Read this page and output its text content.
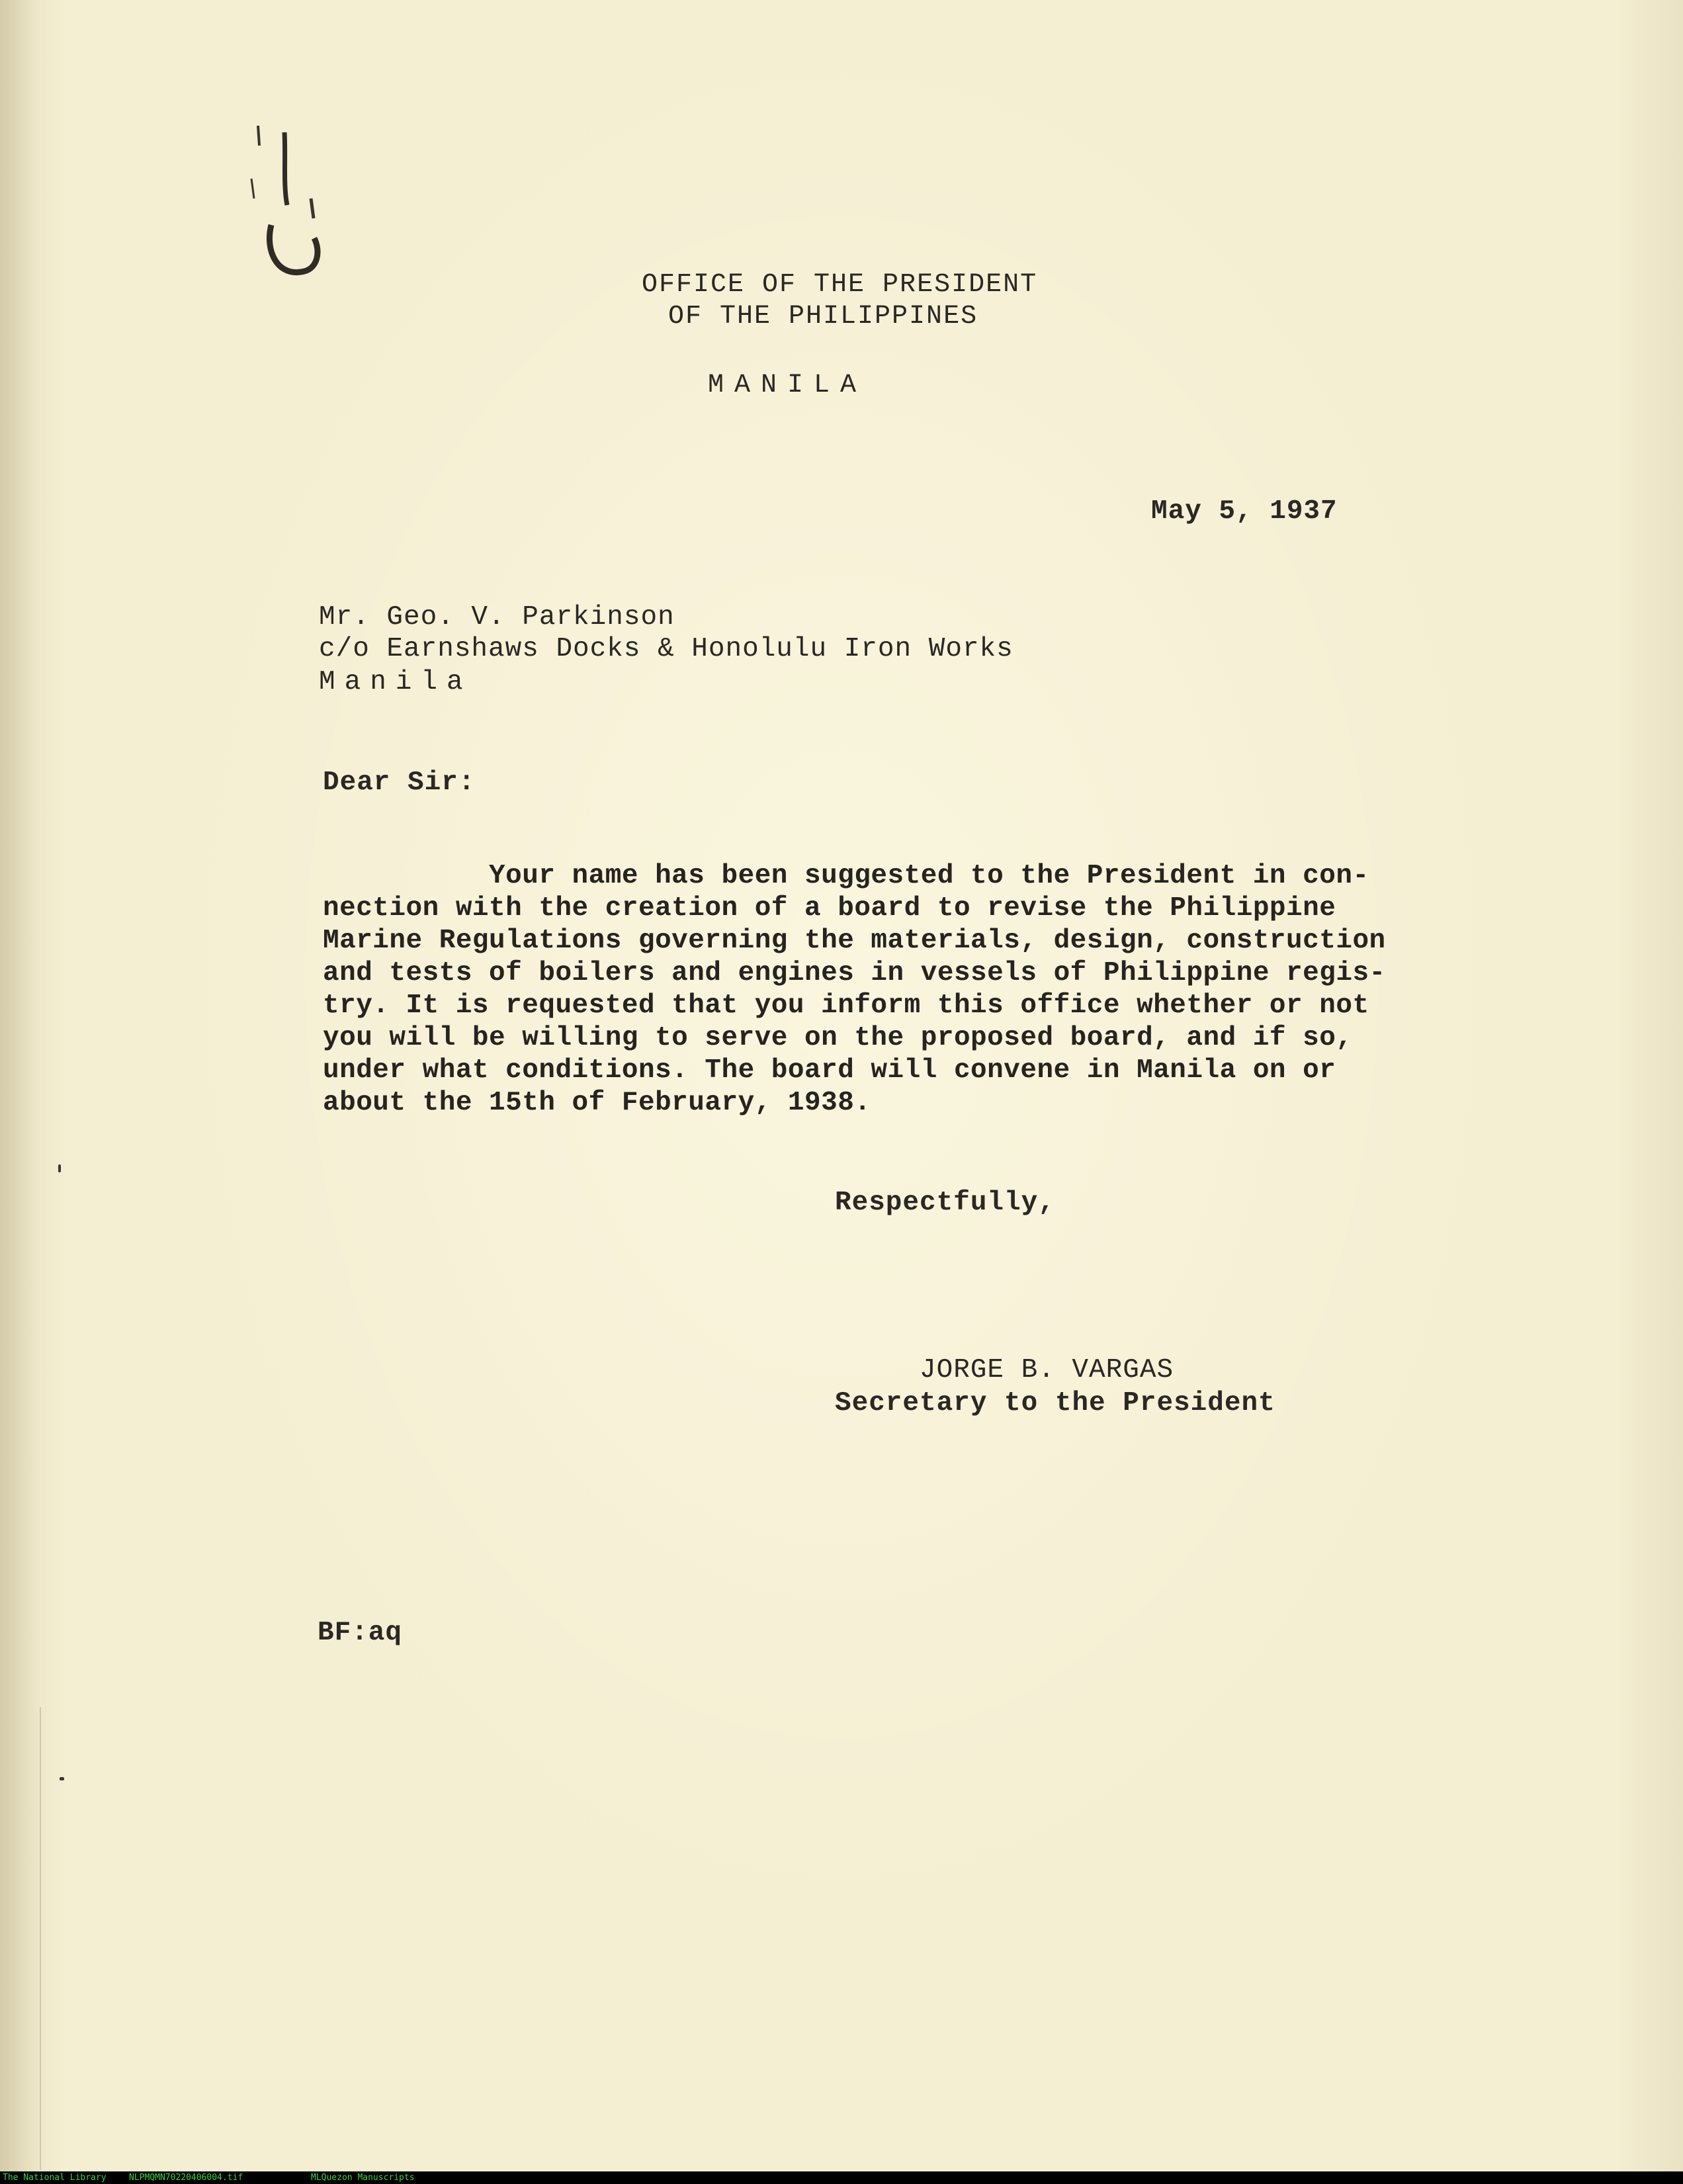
OFFICE OF THE PRESIDENT
OF THE PHILIPPINES
MANILA
May 5, 1937
Mr. Geo. V. Parkinson
c/o Earnshaws Docks & Honolulu Iron Works
Manila
Dear Sir:
Your name has been suggested to the President in con-
nection with the creation of a board to revise the Philippine
Marine Regulations governing the materials, design, construction
and tests of boilers and engines in vessels of Philippine regis-
try. It is requested that you inform this office whether or not
you will be willing to serve on the proposed board, and if so,
under what conditions. The board will convene in Manila on or
about the 15th of February, 1938.
Respectfully,
JORGE B. VARGAS
Secretary to the President
BF:aq
The National Library	NLPMQMN70220406004.tif	MLQuezon Manuscripts
